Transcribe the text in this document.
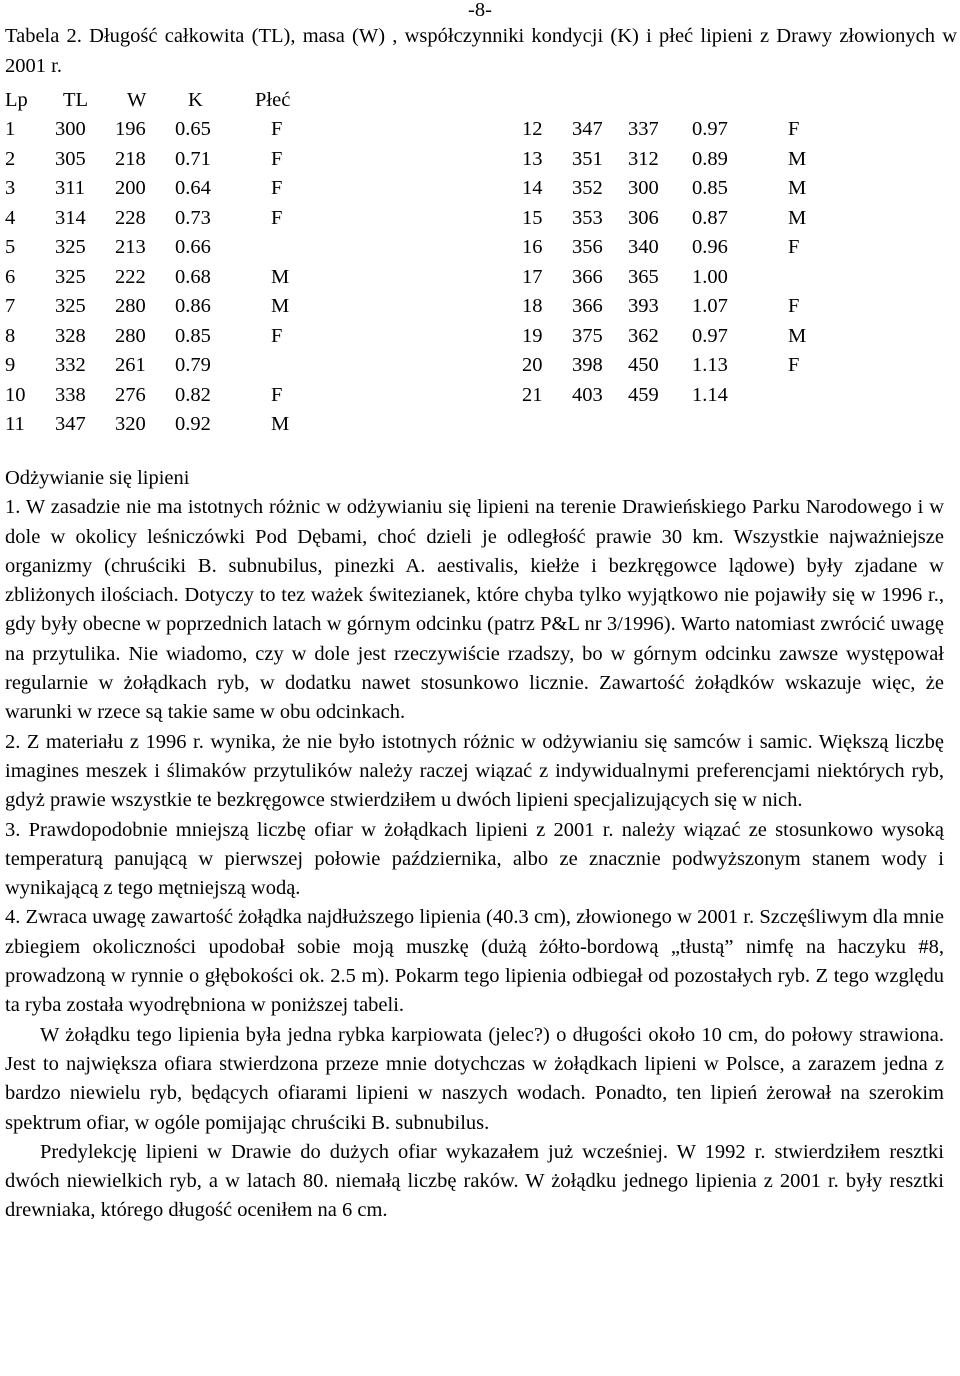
-8-
Tabela 2. Długość całkowita (TL), masa (W) , współczynniki kondycji (K) i płeć lipieni z Drawy złowionych w 2001 r.
Lp TL W K	Płeć
1 300 196 0.65	F
2 305 218 0.71	F
3 311 200 0.64	F
4 314 228 0.73	F
5 325 213 0.66
6 325 222 0.68	M
7 325 280 0.86	M
8 328 280 0.85	F
9 332 261 0.79
10 338 276 0.82	F
11 347 320 0.92	M
12 347 337 0.97	F
13 351 312 0.89	M
14 352 300 0.85	M
15 353 306 0.87	M
16 356 340 0.96	F
17 366 365 1.00
18 366 393 1.07	F
19 375 362 0.97	M
20 398 450 1.13	F
21 403 459 1.14

Odżywianie się lipieni

1. W zasadzie nie ma istotnych różnic w odżywianiu się lipieni na terenie Drawieńskiego Parku Narodowego i w dole w okolicy leśniczówki Pod Dębami, choć dzieli je odległość prawie 30 km. Wszystkie najważniejsze organizmy (chruściki B. subnubilus, pinezki A. aestivalis, kiełże i bezkręgowce lądowe) były zjadane w zbliżonych ilościach. Dotyczy to tez ważek świtezianek, które chyba tylko wyjątkowo nie pojawiły się w 1996 r., gdy były obecne w poprzednich latach w górnym odcinku (patrz P&L nr 3/1996). Warto natomiast zwrócić uwagę na przytulika. Nie wiadomo, czy w dole jest rzeczywiście rzadszy, bo w górnym odcinku zawsze występował regularnie w żołądkach ryb, w dodatku nawet stosunkowo licznie. Zawartość żołądków wskazuje więc, że warunki w rzece są takie same w obu odcinkach.

2. Z materiału z 1996 r. wynika, że nie było istotnych różnic w odżywianiu się samców i samic. Większą liczbę imagines meszek i ślimaków przytulików należy raczej wiązać z indywidualnymi preferencjami niektórych ryb, gdyż prawie wszystkie te bezkręgowce stwierdziłem u dwóch lipieni specjalizujących się w nich.

3. Prawdopodobnie mniejszą liczbę ofiar w żołądkach lipieni z 2001 r. należy wiązać ze stosunkowo wysoką temperaturą panującą w pierwszej połowie października, albo ze znacznie podwyższonym stanem wody i wynikającą z tego mętniejszą wodą.

4. Zwraca uwagę zawartość żołądka najdłuższego lipienia (40.3 cm), złowionego w 2001 r. Szczęśliwym dla mnie zbiegiem okoliczności upodobał sobie moją muszkę (dużą żółto-bordową „tłustą” nimfę na haczyku #8, prowadzoną w rynnie o głębokości ok. 2.5 m). Pokarm tego lipienia odbiegał od pozostałych ryb. Z tego względu ta ryba została wyodrębniona w poniższej tabeli.

W żołądku tego lipienia była jedna rybka karpiowata (jelec?) o długości około 10 cm, do połowy strawiona. Jest to największa ofiara stwierdzona przeze mnie dotychczas w żołądkach lipieni w Polsce, a zarazem jedna z bardzo niewielu ryb, będących ofiarami lipieni w naszych wodach. Ponadto, ten lipień żerował na szerokim spektrum ofiar, w ogóle pomijając chruściki B. subnubilus.

Predylekcję lipieni w Drawie do dużych ofiar wykazałem już wcześniej. W 1992 r. stwierdziłem resztki dwóch niewielkich ryb, a w latach 80. niemałą liczbę raków. W żołądku jednego lipienia z 2001 r. były resztki drewniaka, którego długość oceniłem na 6 cm.
